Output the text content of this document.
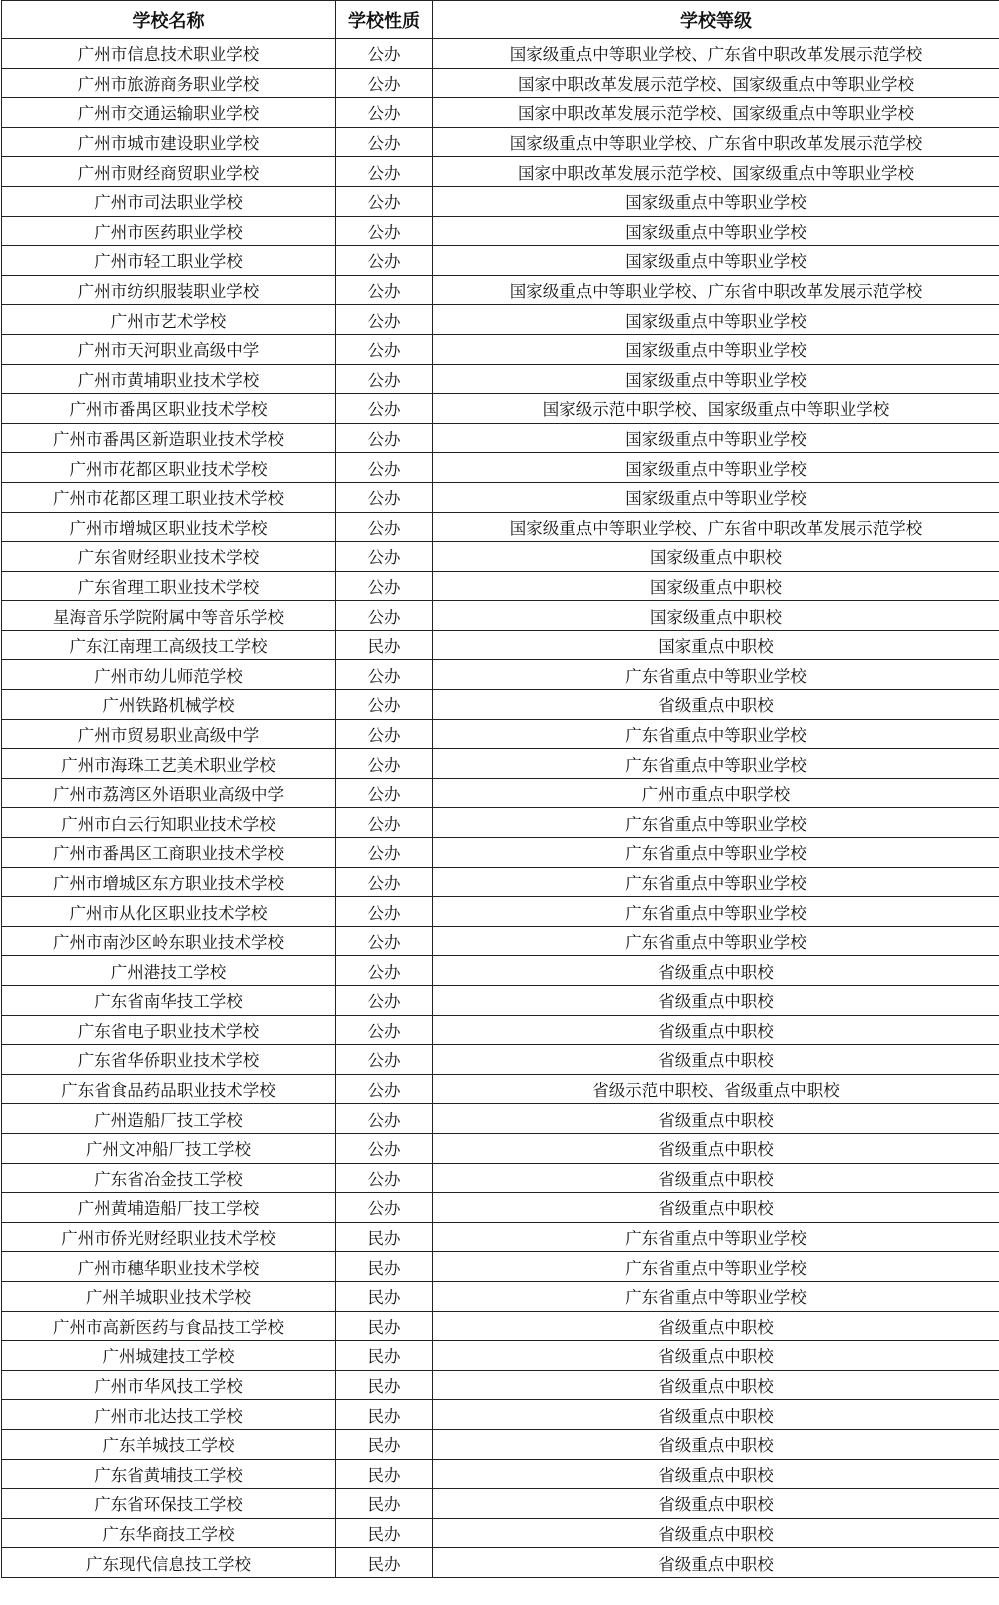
学校名称	学校性质	学校等级
广州市信息技术职业学校	公办	国家级重点中等职业学校、广东省中职改革发展示范学校
广州市旅游商务职业学校	公办	国家中职改革发展示范学校、国家级重点中等职业学校
广州市交通运输职业学校	公办	国家中职改革发展示范学校、国家级重点中等职业学校
广州市城市建设职业学校	公办	国家级重点中等职业学校、广东省中职改革发展示范学校
广州市财经商贸职业学校	公办	国家中职改革发展示范学校、国家级重点中等职业学校
广州市司法职业学校	公办	国家级重点中等职业学校
广州市医药职业学校	公办	国家级重点中等职业学校
广州市轻工职业学校	公办	国家级重点中等职业学校
广州市纺织服装职业学校	公办	国家级重点中等职业学校、广东省中职改革发展示范学校
广州市艺术学校	公办	国家级重点中等职业学校
广州市天河职业高级中学	公办	国家级重点中等职业学校
广州市黄埔职业技术学校	公办	国家级重点中等职业学校
广州市番禺区职业技术学校	公办	国家级示范中职学校、国家级重点中等职业学校
广州市番禺区新造职业技术学校	公办	国家级重点中等职业学校
广州市花都区职业技术学校	公办	国家级重点中等职业学校
广州市花都区理工职业技术学校	公办	国家级重点中等职业学校
广州市增城区职业技术学校	公办	国家级重点中等职业学校、广东省中职改革发展示范学校
广东省财经职业技术学校	公办	国家级重点中职校
广东省理工职业技术学校	公办	国家级重点中职校
星海音乐学院附属中等音乐学校	公办	国家级重点中职校
广东江南理工高级技工学校	民办	国家重点中职校
广州市幼儿师范学校	公办	广东省重点中等职业学校
广州铁路机械学校	公办	省级重点中职校
广州市贸易职业高级中学	公办	广东省重点中等职业学校
广州市海珠工艺美术职业学校	公办	广东省重点中等职业学校
广州市荔湾区外语职业高级中学	公办	广州市重点中职学校
广州市白云行知职业技术学校	公办	广东省重点中等职业学校
广州市番禺区工商职业技术学校	公办	广东省重点中等职业学校
广州市增城区东方职业技术学校	公办	广东省重点中等职业学校
广州市从化区职业技术学校	公办	广东省重点中等职业学校
广州市南沙区岭东职业技术学校	公办	广东省重点中等职业学校
广州港技工学校	公办	省级重点中职校
广东省南华技工学校	公办	省级重点中职校
广东省电子职业技术学校	公办	省级重点中职校
广东省华侨职业技术学校	公办	省级重点中职校
广东省食品药品职业技术学校	公办	省级示范中职校、省级重点中职校
广州造船厂技工学校	公办	省级重点中职校
广州文冲船厂技工学校	公办	省级重点中职校
广东省冶金技工学校	公办	省级重点中职校
广州黄埔造船厂技工学校	公办	省级重点中职校
广州市侨光财经职业技术学校	民办	广东省重点中等职业学校
广州市穗华职业技术学校	民办	广东省重点中等职业学校
广州羊城职业技术学校	民办	广东省重点中等职业学校
广州市高新医药与食品技工学校	民办	省级重点中职校
广州城建技工学校	民办	省级重点中职校
广州市华风技工学校	民办	省级重点中职校
广州市北达技工学校	民办	省级重点中职校
广东羊城技工学校	民办	省级重点中职校
广东省黄埔技工学校	民办	省级重点中职校
广东省环保技工学校	民办	省级重点中职校
广东华商技工学校	民办	省级重点中职校
广东现代信息技工学校	民办	省级重点中职校
